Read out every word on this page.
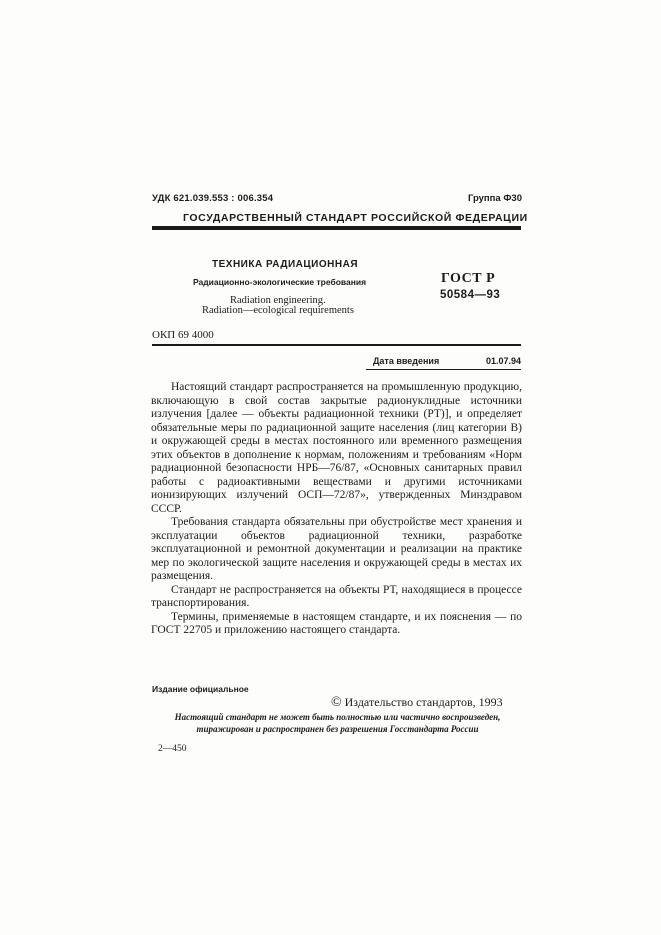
УДК 621.039.553 : 006.354	Группа Ф30
ГОСУДАРСТВЕННЫЙ СТАНДАРТ РОССИЙСКОЙ ФЕДЕРАЦИИ
ТЕХНИКА РАДИАЦИОННАЯ
Радиационно-экологические требования
Radiation engineering.
Radiation—ecological requirements
ГОСТ Р
50584—93
ОКП 69 4000
Дата введения	01.07.94

Настоящий стандарт распространяется на промышленную продукцию, включающую в свой состав закрытые радионуклидные источники излучения [далее — объекты радиационной техники (РТ)], и определяет обязательные меры по радиационной защите населения (лиц категории В) и окружающей среды в местах постоянного или временного размещения этих объектов в дополнение к нормам, положениям и требованиям «Норм радиационной безопасности НРБ—76/87, «Основных санитарных правил работы с радиоактивными веществами и другими источниками ионизирующих излучений ОСП—72/87», утвержденных Минздравом СССР.

Требования стандарта обязательны при обустройстве мест хранения и эксплуатации объектов радиационной техники, разработке эксплуатационной и ремонтной документации и реализации на практике мер по экологической защите населения и окружающей среды в местах их размещения.

Стандарт не распространяется на объекты РТ, находящиеся в процессе транспортирования.

Термины, применяемые в настоящем стандарте, и их пояснения — по ГОСТ 22705 и приложению настоящего стандарта.

Издание официальное
© Издательство стандартов, 1993
Настоящий стандарт не может быть полностью или частично воспроизведен,
тиражирован и распространен без разрешения Госстандарта России
2—450
